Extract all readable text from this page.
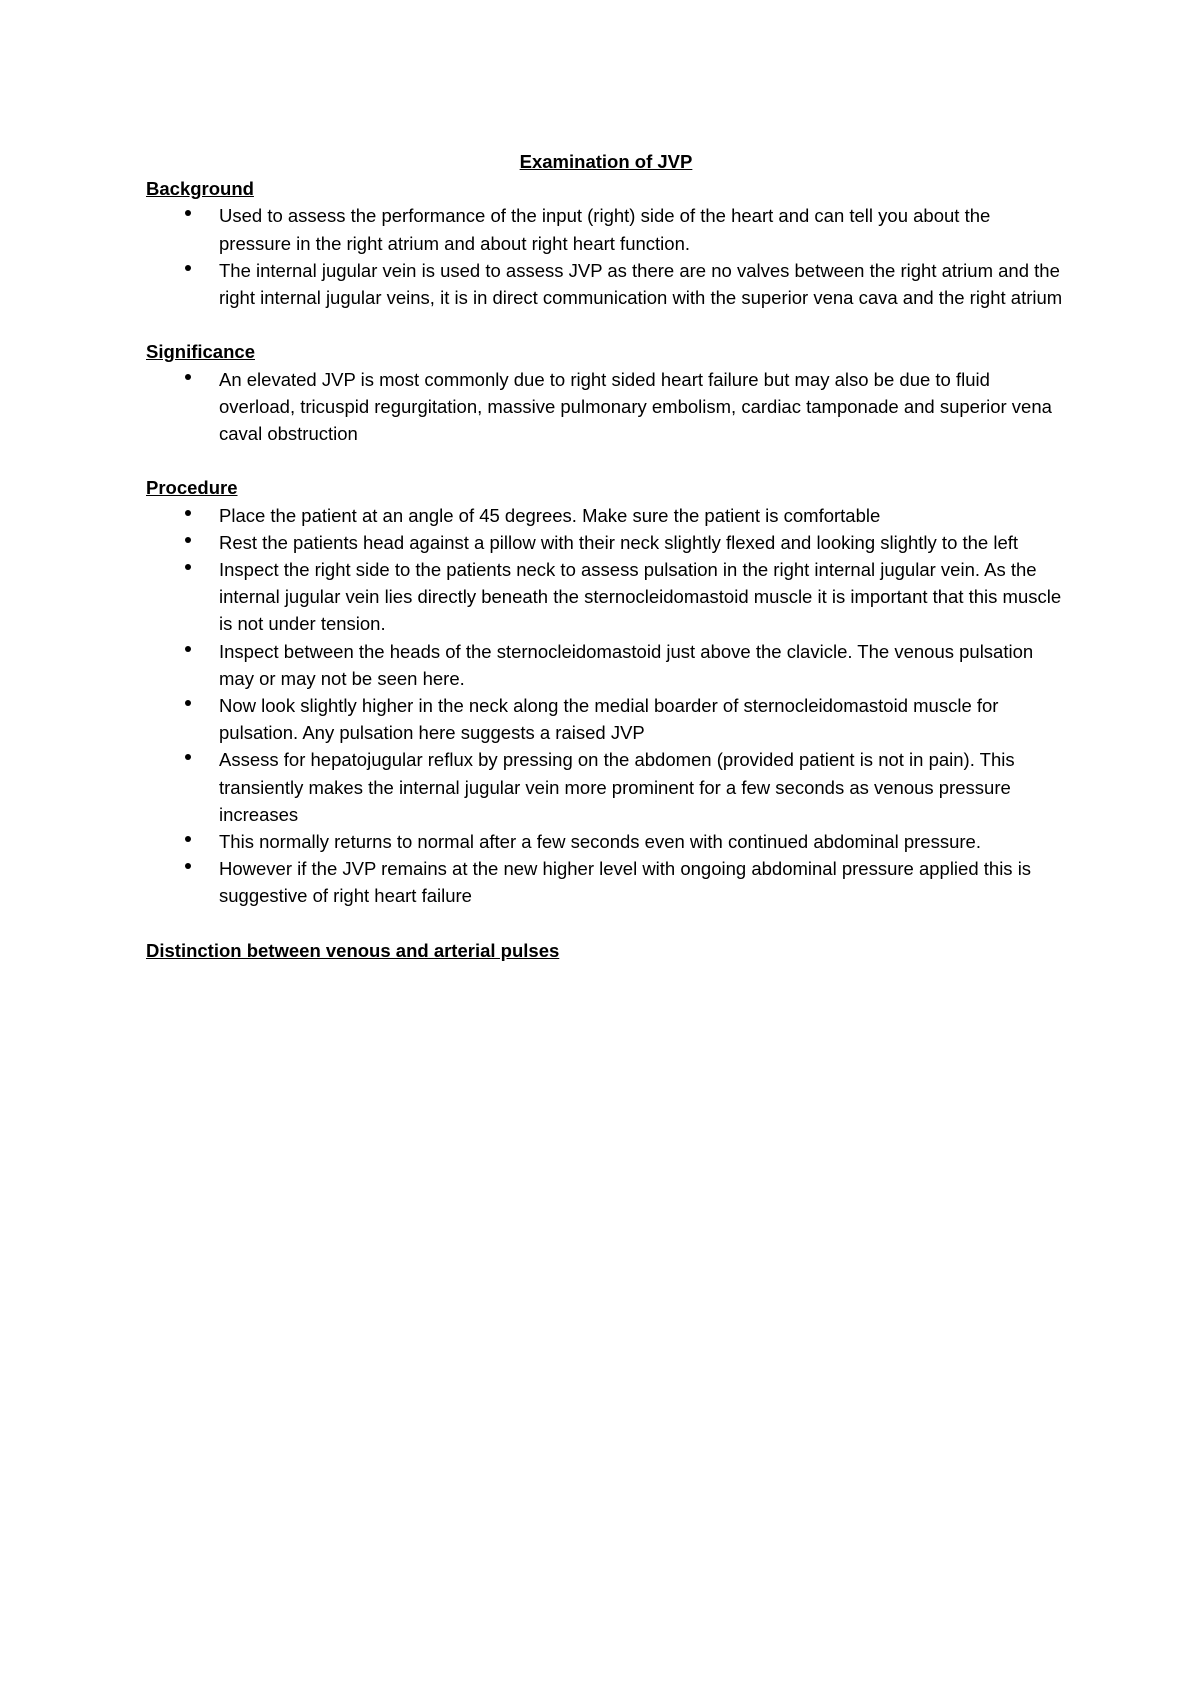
Examination of JVP

Background

Used to assess the performance of the input (right) side of the heart and can tell you about the pressure in the right atrium and about right heart function.
The internal jugular vein is used to assess JVP as there are no valves between the right atrium and the right internal jugular veins, it is in direct communication with the superior vena cava and the right atrium

Significance

An elevated JVP is most commonly due to right sided heart failure but may also be due to fluid overload, tricuspid regurgitation, massive pulmonary embolism, cardiac tamponade and superior vena caval obstruction

Procedure

Place the patient at an angle of 45 degrees. Make sure the patient is comfortable
Rest the patients head against a pillow with their neck slightly flexed and looking slightly to the left
Inspect the right side to the patients neck to assess pulsation in the right internal jugular vein. As the internal jugular vein lies directly beneath the sternocleidomastoid muscle it is important that this muscle is not under tension.
Inspect between the heads of the sternocleidomastoid just above the clavicle. The venous pulsation may or may not be seen here.
Now look slightly higher in the neck along the medial boarder of sternocleidomastoid muscle for pulsation. Any pulsation here suggests a raised JVP
Assess for hepatojugular reflux by pressing on the abdomen (provided patient is not in pain). This transiently makes the internal jugular vein more prominent for a few seconds as venous pressure increases
This normally returns to normal after a few seconds even with continued abdominal pressure.
However if the JVP remains at the new higher level with ongoing abdominal pressure applied this is suggestive of right heart failure

Distinction between venous and arterial pulses
